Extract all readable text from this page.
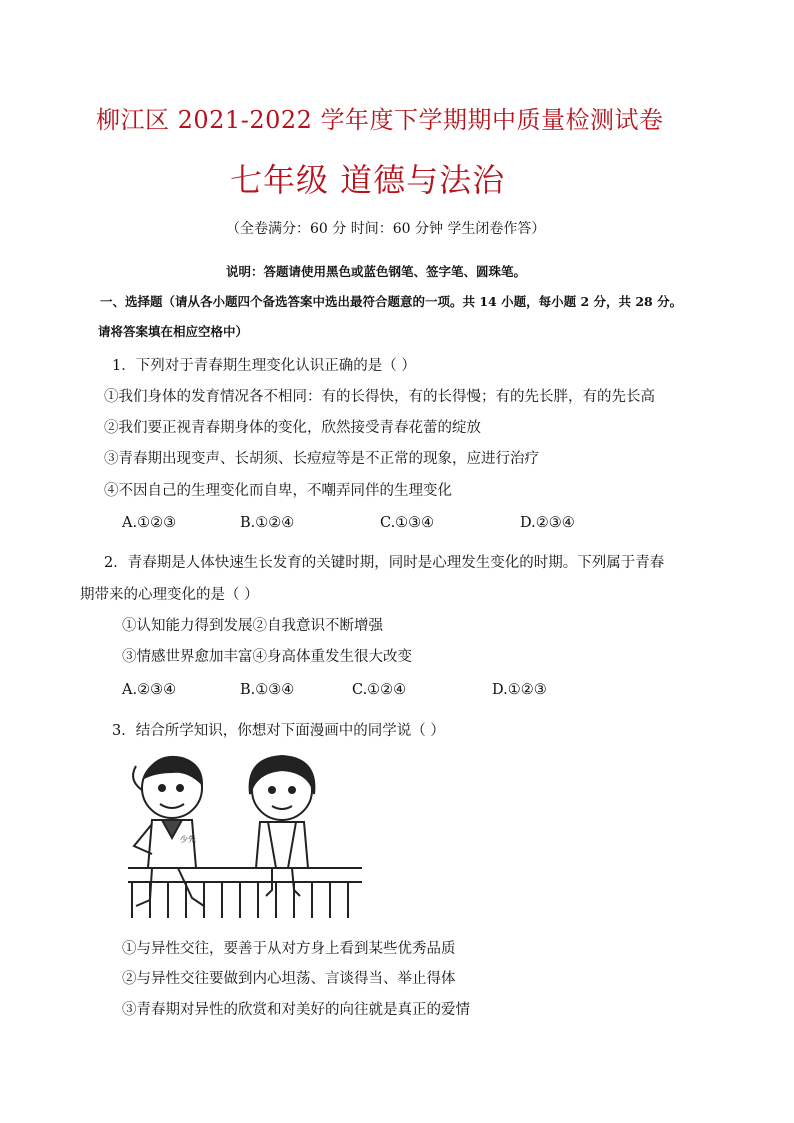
柳江区 2021-2022 学年度下学期期中质量检测试卷
七年级 道德与法治
（全卷满分：60 分 时间：60 分钟 学生闭卷作答）
说明：答题请使用黑色或蓝色钢笔、签字笔、圆珠笔。
一、选择题（请从各小题四个备选答案中选出最符合题意的一项。共 14 小题，每小题 2 分，共 28 分。
请将答案填在相应空格中）
1．下列对于青春期生理变化认识正确的是（ ）
①我们身体的发育情况各不相同：有的长得快，有的长得慢；有的先长胖，有的先长高
②我们要正视青春期身体的变化，欣然接受青春花蕾的绽放
③青春期出现变声、长胡须、长痘痘等是不正常的现象，应进行治疗
④不因自己的生理变化而自卑，不嘲弄同伴的生理变化
A.①②③	B.①②④	C.①③④	D.②③④
2．青春期是人体快速生长发育的关键时期，同时是心理发生变化的时期。下列属于青春
期带来的心理变化的是（ ）
①认知能力得到发展②自我意识不断增强
③情感世界愈加丰富④身高体重发生很大改变
A.②③④	B.①③④	C.①②④	D.①②③
3．结合所学知识，你想对下面漫画中的同学说（ ）
少先
①与异性交往，要善于从对方身上看到某些优秀品质
②与异性交往要做到内心坦荡、言谈得当、举止得体
③青春期对异性的欣赏和对美好的向往就是真正的爱情
